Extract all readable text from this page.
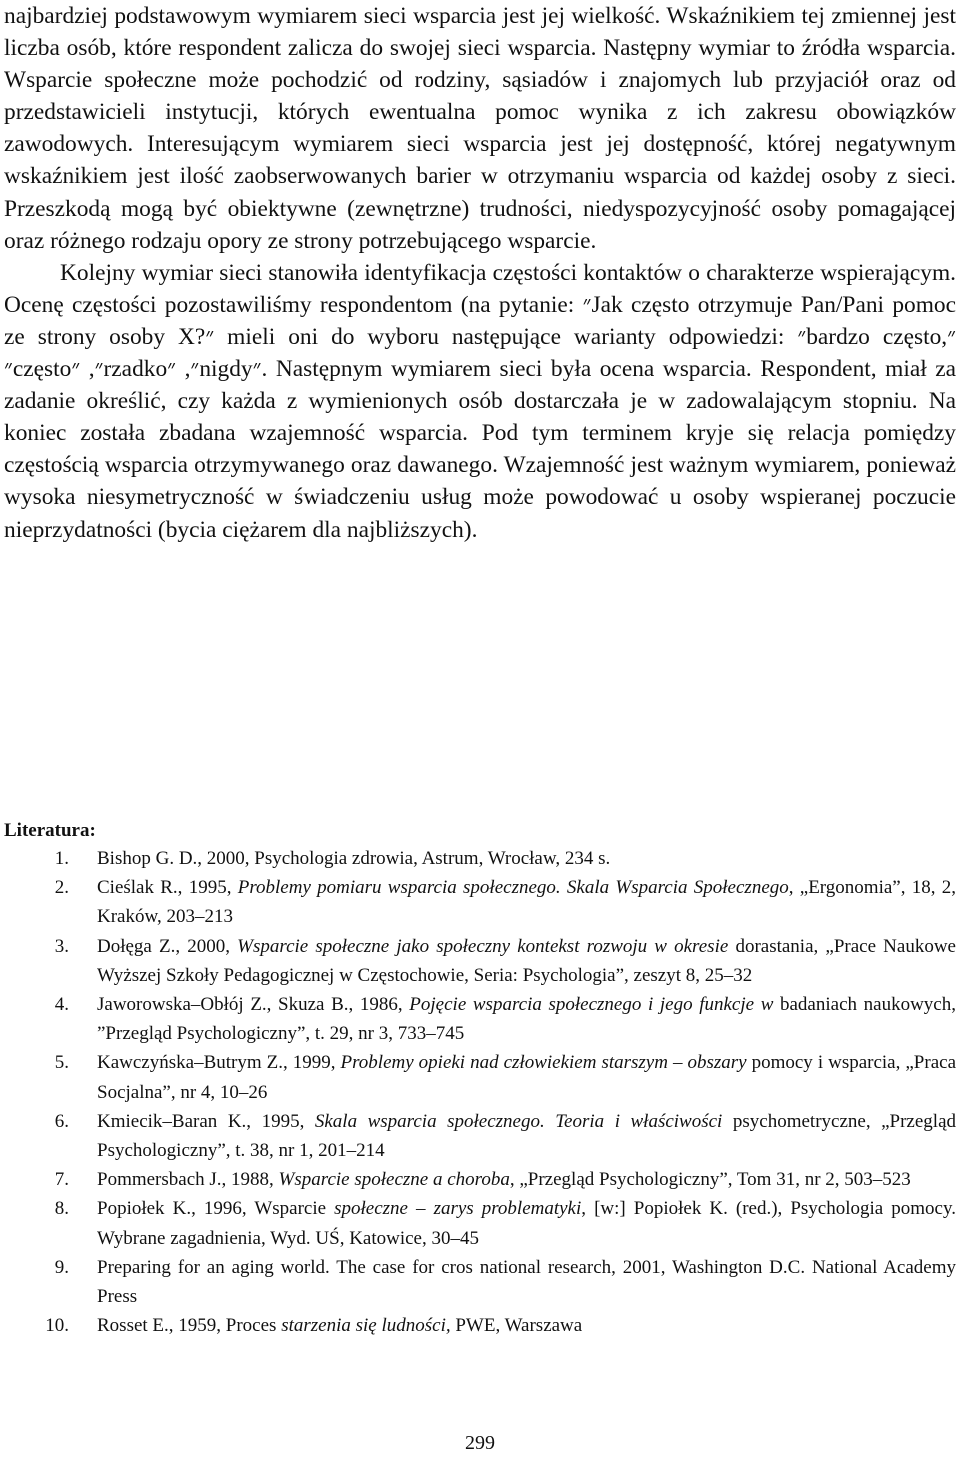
najbardziej podstawowym wymiarem sieci wsparcia jest jej wielkość. Wskaźnikiem tej zmiennej jest liczba osób, które respondent zalicza do swojej sieci wsparcia. Następny wymiar to źródła wsparcia. Wsparcie społeczne może pochodzić od rodziny, sąsiadów i znajomych lub przyjaciół oraz od przedstawicieli instytucji, których ewentualna pomoc wynika z ich zakresu obowiązków zawodowych. Interesującym wymiarem sieci wsparcia jest jej dostępność, której negatywnym wskaźnikiem jest ilość zaobserwowanych barier w otrzymaniu wsparcia od każdej osoby z sieci. Przeszkodą mogą być obiektywne (zewnętrzne) trudności, niedyspozycyjność osoby pomagającej oraz różnego rodzaju opory ze strony potrzebującego wsparcie.

Kolejny wymiar sieci stanowiła identyfikacja częstości kontaktów o charakterze wspierającym. Ocenę częstości pozostawiliśmy respondentom (na pytanie: ״Jak często otrzymuje Pan/Pani pomoc ze strony osoby X?״ mieli oni do wyboru następujące warianty odpowiedzi: ״bardzo często״, ״często״, ״rzadko״, ״nigdy״. Następnym wymiarem sieci była ocena wsparcia. Respondent, miał za zadanie określić, czy każda z wymienionych osób dostarczała je w zadowalającym stopniu. Na koniec została zbadana wzajemność wsparcia. Pod tym terminem kryje się relacja pomiędzy częstością wsparcia otrzymywanego oraz dawanego. Wzajemność jest ważnym wymiarem, ponieważ wysoka niesymetryczność w świadczeniu usług może powodować u osoby wspieranej poczucie nieprzydatności (bycia ciężarem dla najbliższych).

Literatura:

1. Bishop G. D., 2000, Psychologia zdrowia, Astrum, Wrocław, 234 s.
2. Cieślak R., 1995, Problemy pomiaru wsparcia społecznego. Skala Wsparcia Społecznego, „Ergonomia”, 18, 2, Kraków, 203–213
3. Dołęga Z., 2000, Wsparcie społeczne jako społeczny kontekst rozwoju w okresie dorastania, „Prace Naukowe Wyższej Szkoły Pedagogicznej w Częstochowie, Seria: Psychologia”, zeszyt 8, 25–32
4. Jaworowska–Obłój Z., Skuza B., 1986, Pojęcie wsparcia społecznego i jego funkcje w badaniach naukowych, ”Przegląd Psychologiczny”, t. 29, nr 3, 733–745
5. Kawczyńska–Butrym Z., 1999, Problemy opieki nad człowiekiem starszym – obszary pomocy i wsparcia, „Praca Socjalna”, nr 4, 10–26
6. Kmiecik–Baran K., 1995, Skala wsparcia społecznego. Teoria i właściwości psychometryczne, „Przegląd Psychologiczny”, t. 38, nr 1, 201–214
7. Pommersbach J., 1988, Wsparcie społeczne a choroba, „Przegląd Psychologiczny”, Tom 31, nr 2, 503–523
8. Popiołek K., 1996, Wsparcie społeczne – zarys problematyki, [w:] Popiołek K. (red.), Psychologia pomocy. Wybrane zagadnienia, Wyd. UŚ, Katowice, 30–45
9. Preparing for an aging world. The case for cros national research, 2001, Washington D.C. National Academy Press
10. Rosset E., 1959, Proces starzenia się ludności, PWE, Warszawa

299
